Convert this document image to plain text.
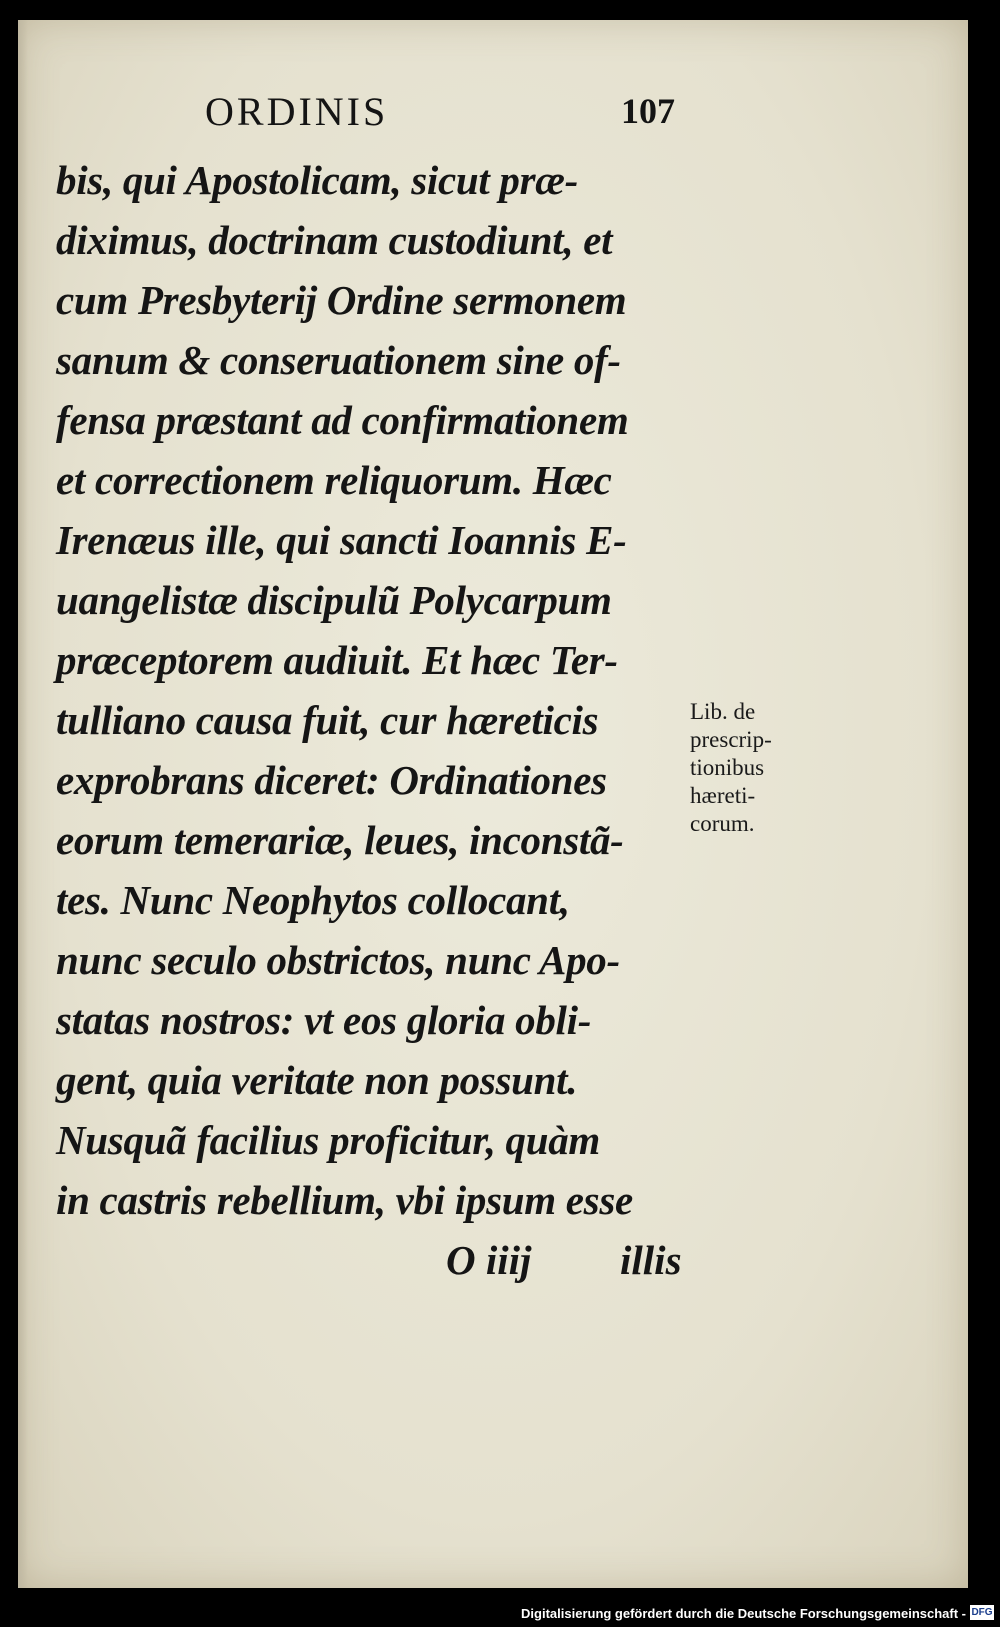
ORDINIS	107
bis, qui Apostolicam, sicut præ-
diximus, doctrinam custodiunt, et
cum Presbyterij Ordine sermonem
sanum & conseruationem sine of-
fensa præstant ad confirmationem
et correctionem reliquorum. Hæc
Irenæus ille, qui sancti Ioannis E-
uangelistæ discipulũ Polycarpum
præceptorem audiuit. Et hæc Ter-
tulliano causa fuit, cur hæreticis
exprobrans diceret: Ordinationes
eorum temerariæ, leues, inconstã-
tes. Nunc Neophytos collocant,
nunc seculo obstrictos, nunc Apo-
statas nostros: vt eos gloria obli-
gent, quia veritate non possunt.
Nusquã facilius proficitur, quàm
in castris rebellium, vbi ipsum esse
O iiij illis
Lib. de
prescrip-
tionibus
hæreti-
corum.
Digitalisierung gefördert durch die Deutsche Forschungsgemeinschaft - DFG
